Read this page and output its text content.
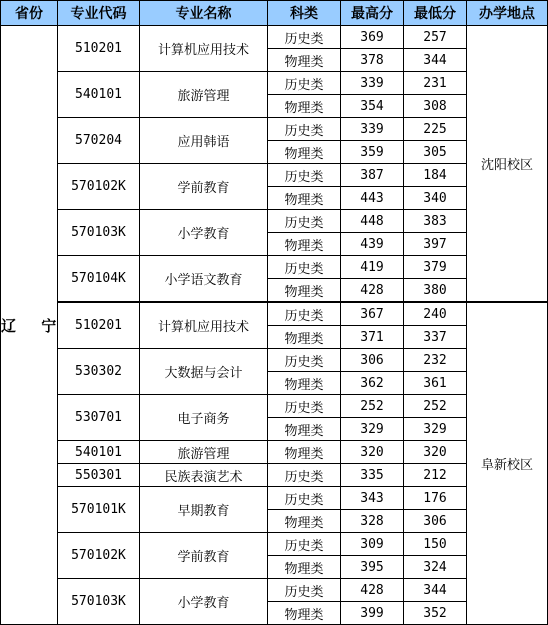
省份	专业代码	专业名称	科类	最高分	最低分	办学地点
辽 宁	510201	计算机应用技术	历史类	369	257	沈阳校区
			物理类	378	344	
	540101	旅游管理	历史类	339	231	
			物理类	354	308	
	570204	应用韩语	历史类	339	225	
			物理类	359	305	
	570102K	学前教育	历史类	387	184	
			物理类	443	340	
	570103K	小学教育	历史类	448	383	
			物理类	439	397	
	570104K	小学语文教育	历史类	419	379	
			物理类	428	380	
	510201	计算机应用技术	历史类	367	240	阜新校区
			物理类	371	337	
	530302	大数据与会计	历史类	306	232	
			物理类	362	361	
	530701	电子商务	历史类	252	252	
			物理类	329	329	
	540101	旅游管理	物理类	320	320	
	550301	民族表演艺术	历史类	335	212	
	570101K	早期教育	历史类	343	176	
			物理类	328	306	
	570102K	学前教育	历史类	309	150	
			物理类	395	324	
	570103K	小学教育	历史类	428	344	
			物理类	399	352	
